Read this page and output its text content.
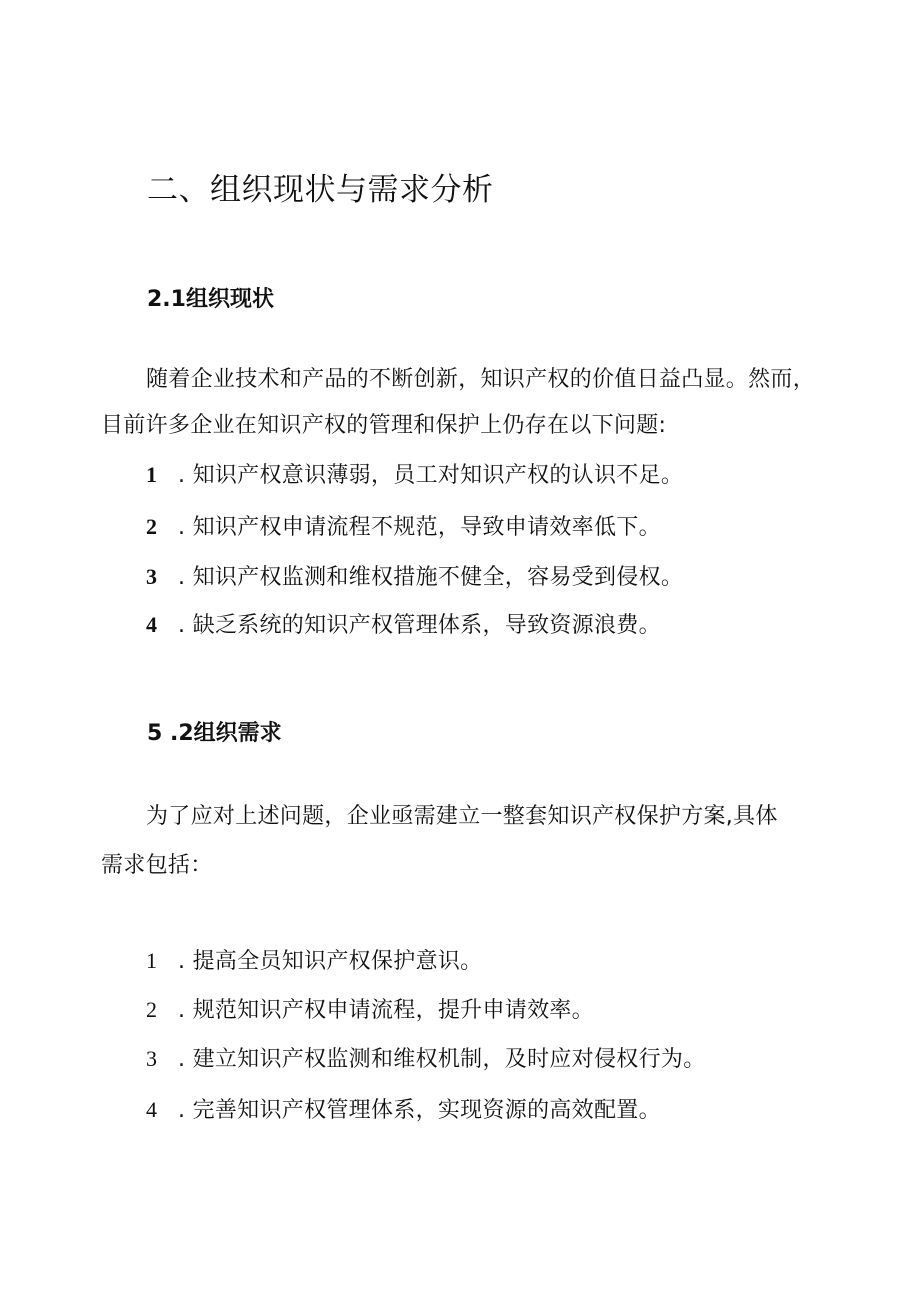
二、组织现状与需求分析
2.1组织现状
随着企业技术和产品的不断创新，知识产权的价值日益凸显。然而，
目前许多企业在知识产权的管理和保护上仍存在以下问题:
1 . 知识产权意识薄弱，员工对知识产权的认识不足。
2 . 知识产权申请流程不规范，导致申请效率低下。
3 . 知识产权监测和维权措施不健全，容易受到侵权。
4 . 缺乏系统的知识产权管理体系，导致资源浪费。
5 .2组织需求
为了应对上述问题，企业亟需建立一整套知识产权保护方案,具体
需求包括：
1 . 提高全员知识产权保护意识。
2 . 规范知识产权申请流程，提升申请效率。
3 . 建立知识产权监测和维权机制，及时应对侵权行为。
4 . 完善知识产权管理体系，实现资源的高效配置。
